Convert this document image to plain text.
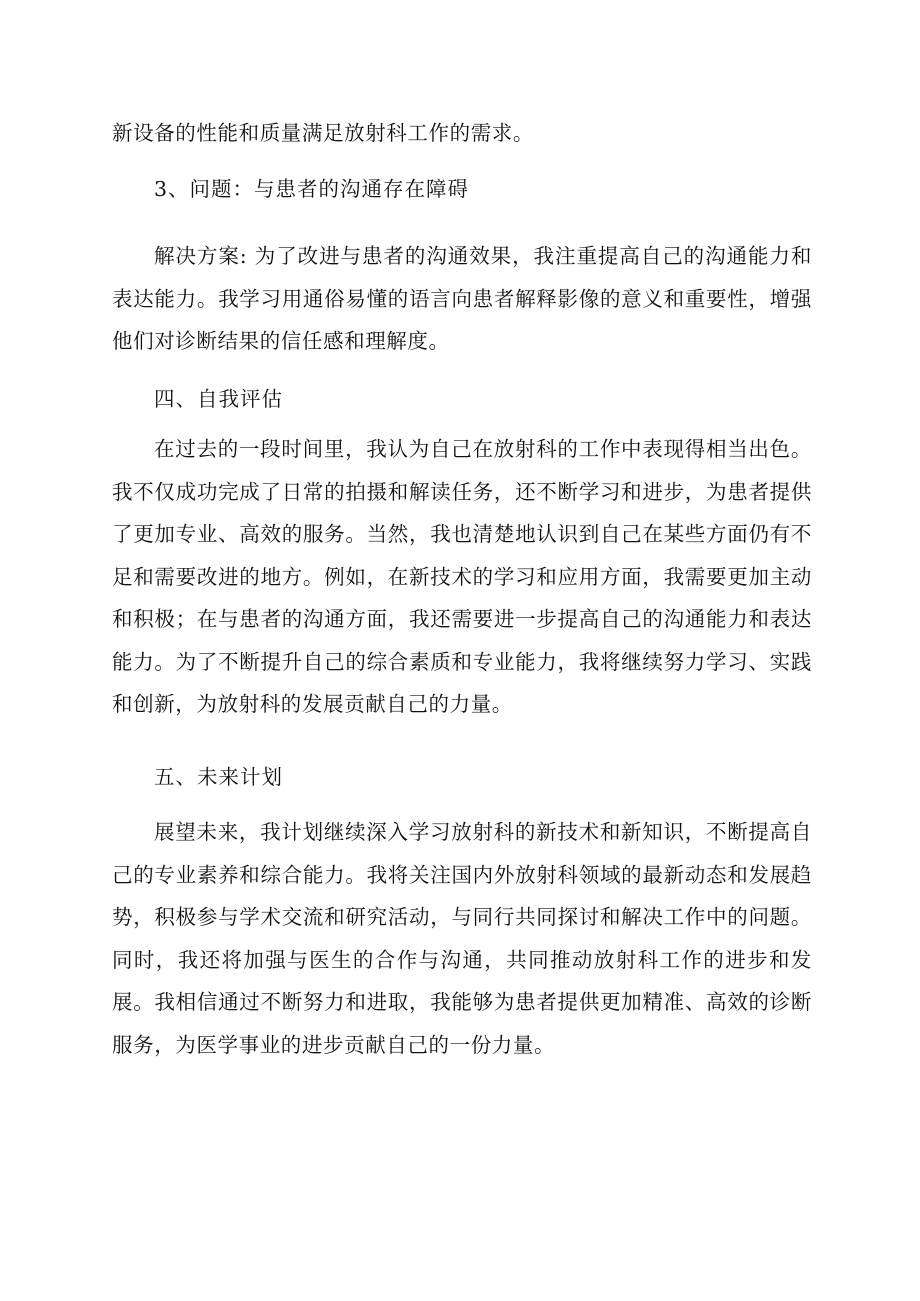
新设备的性能和质量满足放射科工作的需求。

3、问题：与患者的沟通存在障碍

解决方案: 为了改进与患者的沟通效果，我注重提高自己的沟通能力和表达能力。我学习用通俗易懂的语言向患者解释影像的意义和重要性，增强他们对诊断结果的信任感和理解度。

四、自我评估

在过去的一段时间里，我认为自己在放射科的工作中表现得相当出色。我不仅成功完成了日常的拍摄和解读任务，还不断学习和进步，为患者提供了更加专业、高效的服务。当然，我也清楚地认识到自己在某些方面仍有不足和需要改进的地方。例如，在新技术的学习和应用方面，我需要更加主动和积极；在与患者的沟通方面，我还需要进一步提高自己的沟通能力和表达能力。为了不断提升自己的综合素质和专业能力，我将继续努力学习、实践和创新，为放射科的发展贡献自己的力量。

五、未来计划

展望未来，我计划继续深入学习放射科的新技术和新知识，不断提高自己的专业素养和综合能力。我将关注国内外放射科领域的最新动态和发展趋势，积极参与学术交流和研究活动，与同行共同探讨和解决工作中的问题。同时，我还将加强与医生的合作与沟通，共同推动放射科工作的进步和发展。我相信通过不断努力和进取，我能够为患者提供更加精准、高效的诊断服务，为医学事业的进步贡献自己的一份力量。
